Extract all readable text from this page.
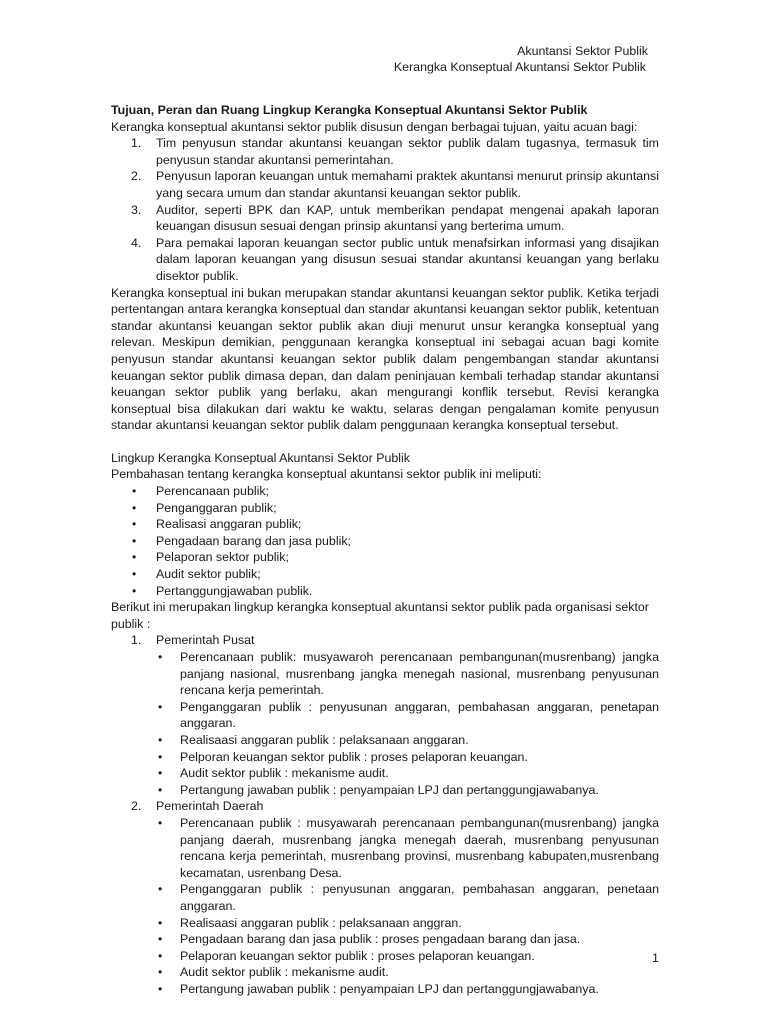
Akuntansi Sektor Publik
Kerangka Konseptual Akuntansi Sektor Publik
Tujuan, Peran dan Ruang Lingkup Kerangka Konseptual Akuntansi Sektor Publik

Kerangka konseptual akuntansi sektor publik disusun dengan berbagai tujuan, yaitu acuan bagi:

1. Tim penyusun standar akuntansi keuangan sektor publik dalam tugasnya, termasuk tim penyusun standar akuntansi pemerintahan.
2. Penyusun laporan keuangan untuk memahami praktek akuntansi menurut prinsip akuntansi yang secara umum dan standar akuntansi keuangan sektor publik.
3. Auditor, seperti BPK dan KAP, untuk memberikan pendapat mengenai apakah laporan keuangan disusun sesuai dengan prinsip akuntansi yang berterima umum.
4. Para pemakai laporan keuangan sector public untuk menafsirkan informasi yang disajikan dalam laporan keuangan yang disusun sesuai standar akuntansi keuangan yang berlaku disektor publik.

Kerangka konseptual ini bukan merupakan standar akuntansi keuangan sektor publik. Ketika terjadi pertentangan antara kerangka konseptual dan standar akuntansi keuangan sektor publik, ketentuan standar akuntansi keuangan sektor publik akan diuji menurut unsur kerangka konseptual yang relevan. Meskipun demikian, penggunaan kerangka konseptual ini sebagai acuan bagi komite penyusun standar akuntansi keuangan sektor publik dalam pengembangan standar akuntansi keuangan sektor publik dimasa depan, dan dalam peninjauan kembali terhadap standar akuntansi keuangan sektor publik yang berlaku, akan mengurangi konflik tersebut. Revisi kerangka konseptual bisa dilakukan dari waktu ke waktu, selaras dengan pengalaman komite penyusun standar akuntansi keuangan sektor publik dalam penggunaan kerangka konseptual tersebut.

Lingkup Kerangka Konseptual Akuntansi Sektor Publik

Pembahasan tentang kerangka konseptual akuntansi sektor publik ini meliputi:

• Perencanaan publik;
• Penganggaran publik;
• Realisasi anggaran publik;
• Pengadaan barang dan jasa publik;
• Pelaporan sektor publik;
• Audit sektor publik;
• Pertanggungjawaban publik.

Berikut ini merupakan lingkup kerangka konseptual akuntansi sektor publik pada organisasi sektor publik :

1. Pemerintah Pusat
• Perencanaan publik: musyawaroh perencanaan pembangunan(musrenbang) jangka panjang nasional, musrenbang jangka menegah nasional, musrenbang penyusunan rencana kerja pemerintah.
• Penganggaran publik : penyusunan anggaran, pembahasan anggaran, penetapan anggaran.
• Realisaasi anggaran publik : pelaksanaan anggaran.
• Pelporan keuangan sektor publik : proses pelaporan keuangan.
• Audit sektor publik : mekanisme audit.
• Pertangung jawaban publik : penyampaian LPJ dan pertanggungjawabanya.
2. Pemerintah Daerah
• Perencanaan publik : musyawarah perencanaan pembangunan(musrenbang) jangka panjang daerah, musrenbang jangka menegah daerah, musrenbang penyusunan rencana kerja pemerintah, musrenbang provinsi, musrenbang kabupaten,musrenbang kecamatan, usrenbang Desa.
• Penganggaran publik : penyusunan anggaran, pembahasan anggaran, penetaan anggaran.
• Realisaasi anggaran publik : pelaksanaan anggran.
• Pengadaan barang dan jasa publik : proses pengadaan barang dan jasa.
• Pelaporan keuangan sektor publik : proses pelaporan keuangan.
• Audit sektor publik : mekanisme audit.
• Pertangung jawaban publik : penyampaian LPJ dan pertanggungjawabanya.
1
